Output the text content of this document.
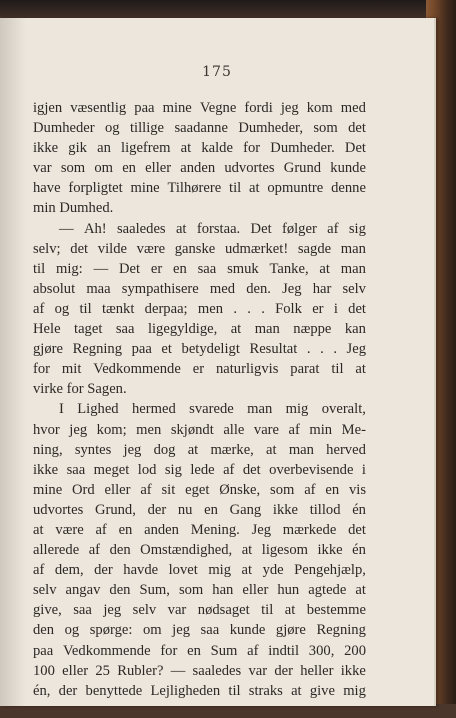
175
igjen væsentlig paa mine Vegne fordi jeg kom med
Dumheder og tillige saadanne Dumheder, som det
ikke gik an ligefrem at kalde for Dumheder. Det
var som om en eller anden udvortes Grund kunde
have forpligtet mine Tilhørere til at opmuntre denne
min Dumhed.
— Ah! saaledes at forstaa. Det følger af sig
selv; det vilde være ganske udmærket! sagde man
til mig: — Det er en saa smuk Tanke, at man
absolut maa sympathisere med den. Jeg har selv
af og til tænkt derpaa; men . . . Folk er i det
Hele taget saa ligegyldige, at man næppe kan
gjøre Regning paa et betydeligt Resultat . . . Jeg
for mit Vedkommende er naturligvis parat til at
virke for Sagen.
I Lighed hermed svarede man mig overalt,
hvor jeg kom; men skjøndt alle vare af min Me-
ning, syntes jeg dog at mærke, at man herved
ikke saa meget lod sig lede af det overbevisende i
mine Ord eller af sit eget Ønske, som af en vis
udvortes Grund, der nu en Gang ikke tillod én
at være af en anden Mening. Jeg mærkede det
allerede af den Omstændighed, at ligesom ikke én
af dem, der havde lovet mig at yde Pengehjælp,
selv angav den Sum, som han eller hun agtede at
give, saa jeg selv var nødsaget til at bestemme
den og spørge: om jeg saa kunde gjøre Regning
paa Vedkommende for en Sum af indtil 300, 200
100 eller 25 Rubler? — saaledes var der heller ikke
én, der benyttede Lejligheden til straks at give mig
